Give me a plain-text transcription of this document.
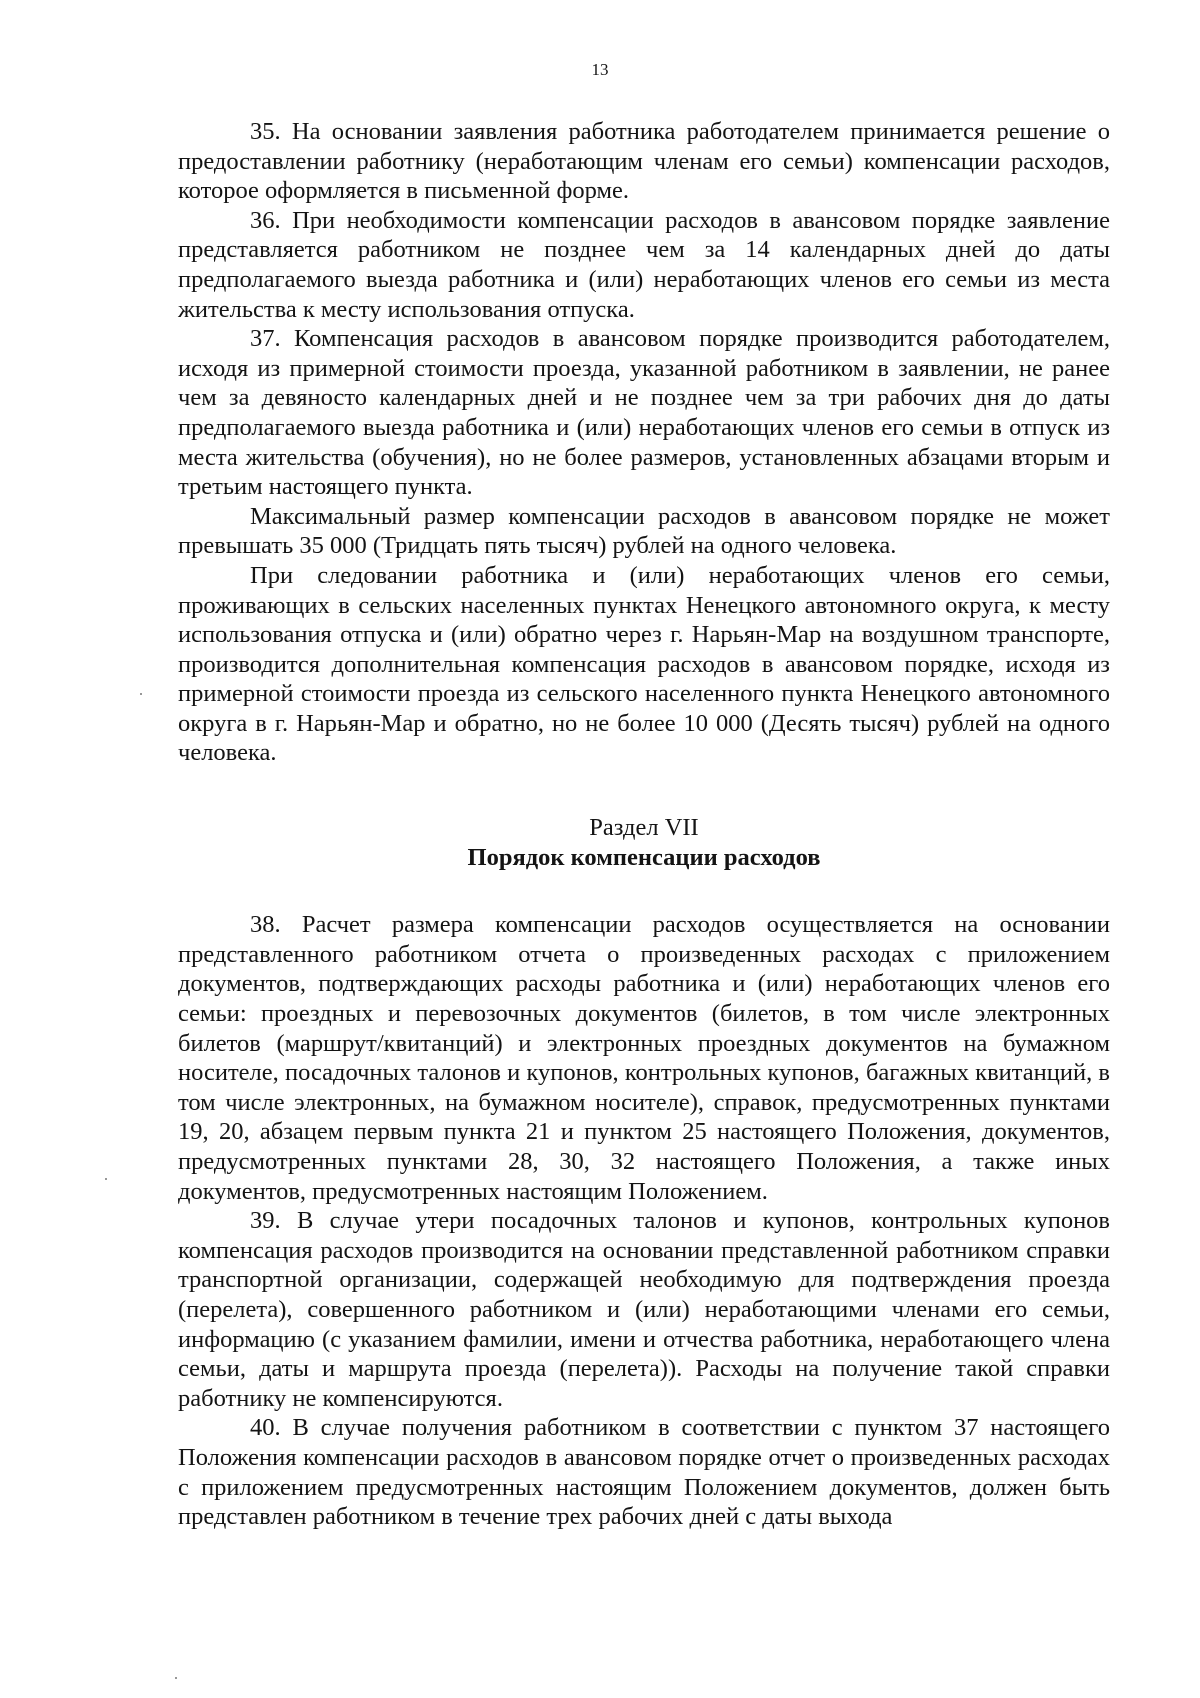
13

35. На основании заявления работника работодателем принимается решение о предоставлении работнику (неработающим членам его семьи) компенсации расходов, которое оформляется в письменной форме.

36. При необходимости компенсации расходов в авансовом порядке заявление представляется работником не позднее чем за 14 календарных дней до даты предполагаемого выезда работника и (или) неработающих членов его семьи из места жительства к месту использования отпуска.

37. Компенсация расходов в авансовом порядке производится работодателем, исходя из примерной стоимости проезда, указанной работником в заявлении, не ранее чем за девяносто календарных дней и не позднее чем за три рабочих дня до даты предполагаемого выезда работника и (или) неработающих членов его семьи в отпуск из места жительства (обучения), но не более размеров, установленных абзацами вторым и третьим настоящего пункта.

Максимальный размер компенсации расходов в авансовом порядке не может превышать 35 000 (Тридцать пять тысяч) рублей на одного человека.

При следовании работника и (или) неработающих членов его семьи, проживающих в сельских населенных пунктах Ненецкого автономного округа, к месту использования отпуска и (или) обратно через г. Нарьян-Мар на воздушном транспорте, производится дополнительная компенсация расходов в авансовом порядке, исходя из примерной стоимости проезда из сельского населенного пункта Ненецкого автономного округа в г. Нарьян-Мар и обратно, но не более 10 000 (Десять тысяч) рублей на одного человека.

Раздел VII
Порядок компенсации расходов

38. Расчет размера компенсации расходов осуществляется на основании представленного работником отчета о произведенных расходах с приложением документов, подтверждающих расходы работника и (или) неработающих членов его семьи: проездных и перевозочных документов (билетов, в том числе электронных билетов (маршрут/квитанций) и электронных проездных документов на бумажном носителе, посадочных талонов и купонов, контрольных купонов, багажных квитанций, в том числе электронных, на бумажном носителе), справок, предусмотренных пунктами 19, 20, абзацем первым пункта 21 и пунктом 25 настоящего Положения, документов, предусмотренных пунктами 28, 30, 32 настоящего Положения, а также иных документов, предусмотренных настоящим Положением.

39. В случае утери посадочных талонов и купонов, контрольных купонов компенсация расходов производится на основании представленной работником справки транспортной организации, содержащей необходимую для подтверждения проезда (перелета), совершенного работником и (или) неработающими членами его семьи, информацию (с указанием фамилии, имени и отчества работника, неработающего члена семьи, даты и маршрута проезда (перелета)). Расходы на получение такой справки работнику не компенсируются.

40. В случае получения работником в соответствии с пунктом 37 настоящего Положения компенсации расходов в авансовом порядке отчет о произведенных расходах с приложением предусмотренных настоящим Положением документов, должен быть представлен работником в течение трех рабочих дней с даты выхода
